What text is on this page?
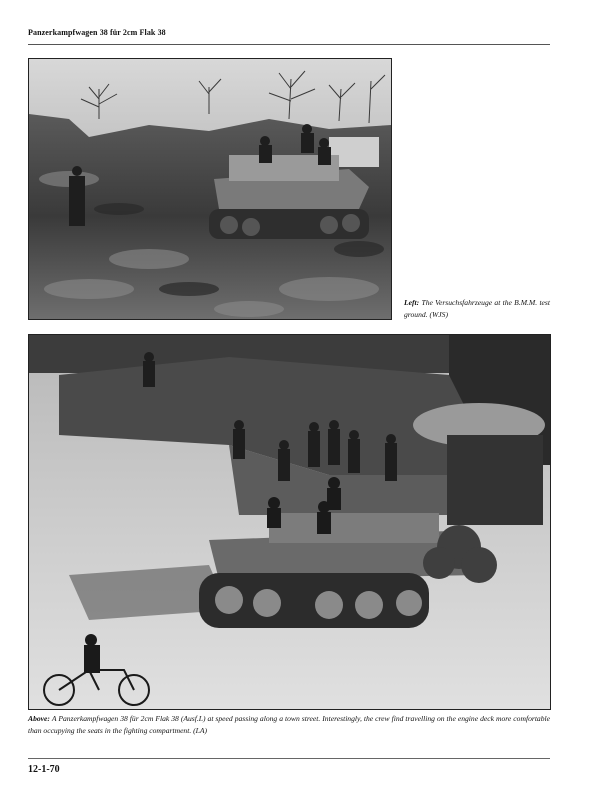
Panzerkampfwagen 38 für 2cm Flak 38
Left: The Versuchsfahrzeuge at the B.M.M. test ground. (WJS)
Above: A Panzerkampfwagen 38 für 2cm Flak 38 (Ausf.L) at speed passing along a town street. Interestingly, the crew find travelling on the engine deck more comfortable than occupying the seats in the fighting compartment. (LA)
12-1-70
